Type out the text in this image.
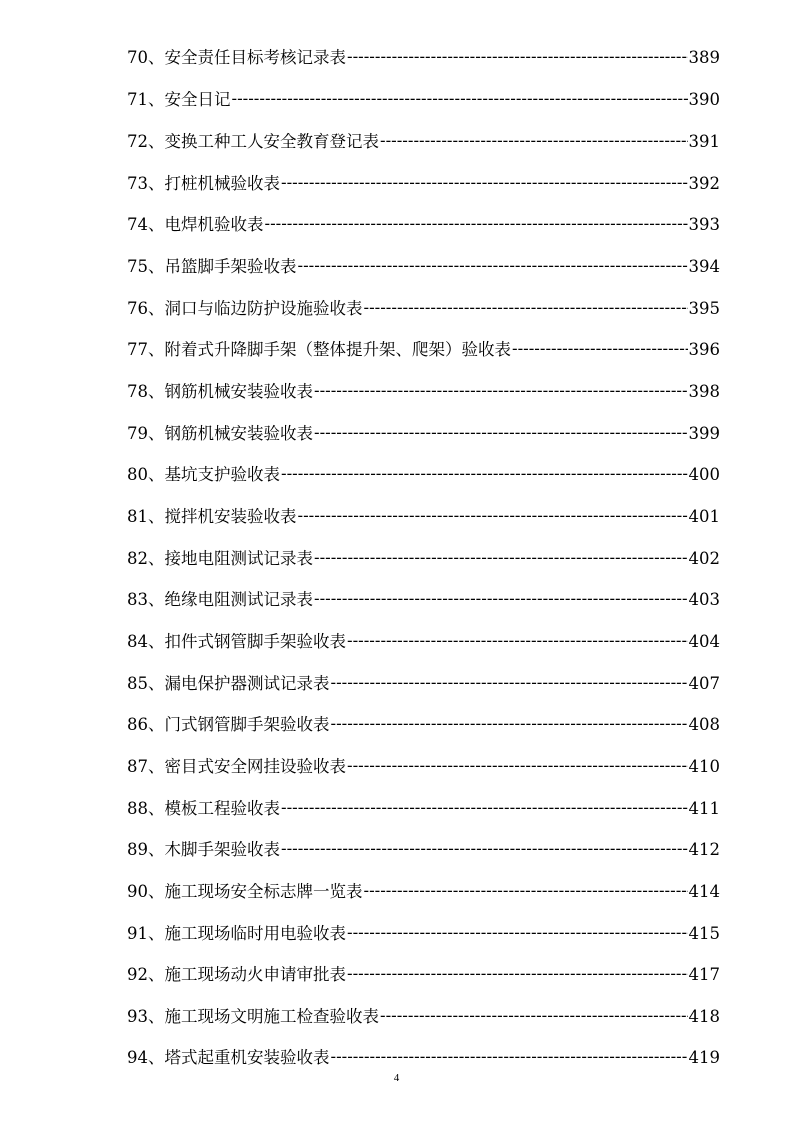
70、 安全责任目标考核记录表 -----	389
71、 安全日记 -----	390
72、 变换工种工人安全教育登记表 -----	391
73、 打桩机械验收表 -----	392
74、 电焊机验收表 -----	393
75、 吊篮脚手架验收表 -----	394
76、 洞口与临边防护设施验收表 -----	395
77、 附着式升降脚手架（整体提升架、爬架）验收表 -----	396
78、 钢筋机械安装验收表 -----	398
79、 钢筋机械安装验收表 -----	399
80、 基坑支护验收表 -----	400
81、 搅拌机安装验收表 -----	401
82、 接地电阻测试记录表 -----	402
83、 绝缘电阻测试记录表 -----	403
84、 扣件式钢管脚手架验收表 -----	404
85、 漏电保护器测试记录表 -----	407
86、 门式钢管脚手架验收表 -----	408
87、 密目式安全网挂设验收表 -----	410
88、 模板工程验收表 -----	411
89、 木脚手架验收表 -----	412
90、 施工现场安全标志牌一览表 -----	414
91、 施工现场临时用电验收表 -----	415
92、 施工现场动火申请审批表 -----	417
93、 施工现场文明施工检查验收表 -----	418
94、 塔式起重机安装验收表 -----	419
4
